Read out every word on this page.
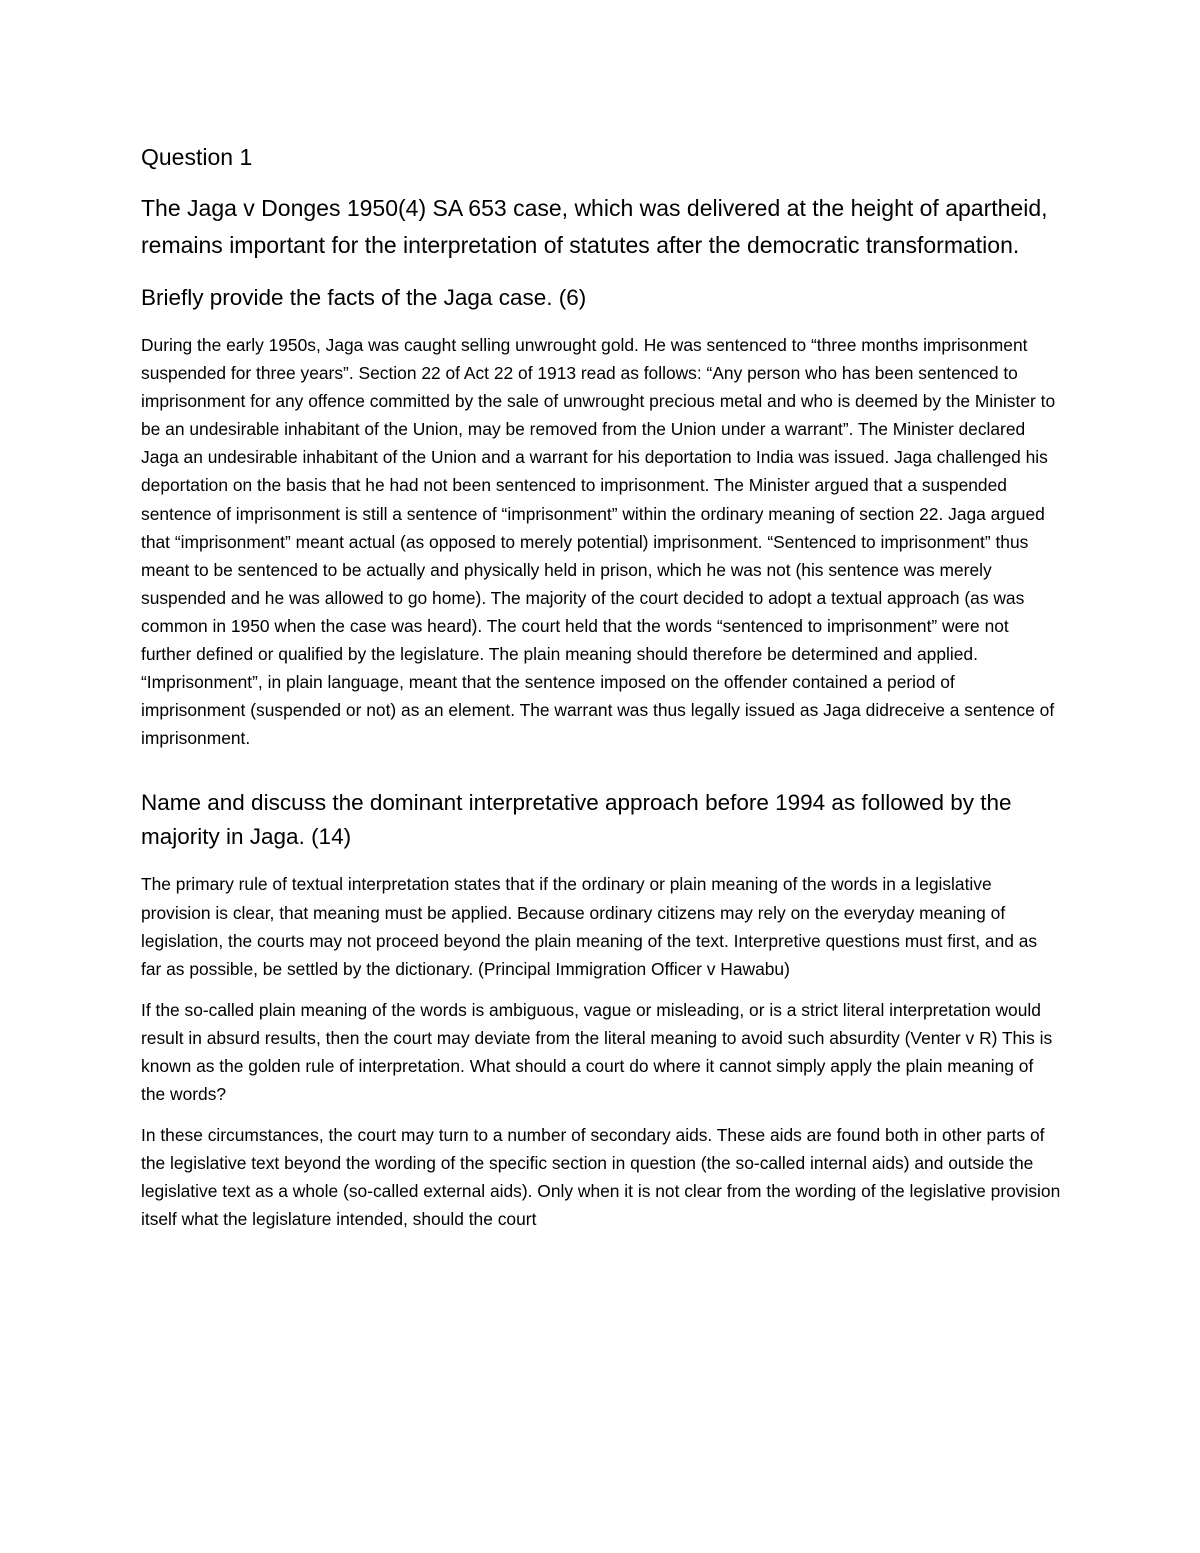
Question 1
The Jaga v Donges 1950(4) SA 653 case, which was delivered at the height of apartheid, remains important for the interpretation of statutes after the democratic transformation.
Briefly provide the facts of the Jaga case. (6)

During the early 1950s, Jaga was caught selling unwrought gold. He was sentenced to “three months imprisonment suspended for three years”. Section 22 of Act 22 of 1913 read as follows: “Any person who has been sentenced to imprisonment for any offence committed by the sale of unwrought precious metal and who is deemed by the Minister to be an undesirable inhabitant of the Union, may be removed from the Union under a warrant”. The Minister declared Jaga an undesirable inhabitant of the Union and a warrant for his deportation to India was issued. Jaga challenged his deportation on the basis that he had not been sentenced to imprisonment. The Minister argued that a suspended sentence of imprisonment is still a sentence of “imprisonment” within the ordinary meaning of section 22. Jaga argued that “imprisonment” meant actual (as opposed to merely potential) imprisonment. “Sentenced to imprisonment” thus meant to be sentenced to be actually and physically held in prison, which he was not (his sentence was merely suspended and he was allowed to go home). The majority of the court decided to adopt a textual approach (as was common in 1950 when the case was heard). The court held that the words “sentenced to imprisonment” were not further defined or qualified by the legislature. The plain meaning should therefore be determined and applied. “Imprisonment”, in plain language, meant that the sentence imposed on the offender contained a period of imprisonment (suspended or not) as an element. The warrant was thus legally issued as Jaga didreceive a sentence of imprisonment.

Name and discuss the dominant interpretative approach before 1994 as followed by the majority in Jaga. (14)

The primary rule of textual interpretation states that if the ordinary or plain meaning of the words in a legislative provision is clear, that meaning must be applied. Because ordinary citizens may rely on the everyday meaning of legislation, the courts may not proceed beyond the plain meaning of the text. Interpretive questions must first, and as far as possible, be settled by the dictionary. (Principal Immigration Officer v Hawabu)

If the so-called plain meaning of the words is ambiguous, vague or misleading, or is a strict literal interpretation would result in absurd results, then the court may deviate from the literal meaning to avoid such absurdity (Venter v R) This is known as the golden rule of interpretation. What should a court do where it cannot simply apply the plain meaning of the words?

In these circumstances, the court may turn to a number of secondary aids. These aids are found both in other parts of the legislative text beyond the wording of the specific section in question (the so-called internal aids) and outside the legislative text as a whole (so-called external aids). Only when it is not clear from the wording of the legislative provision itself what the legislature intended, should the court
